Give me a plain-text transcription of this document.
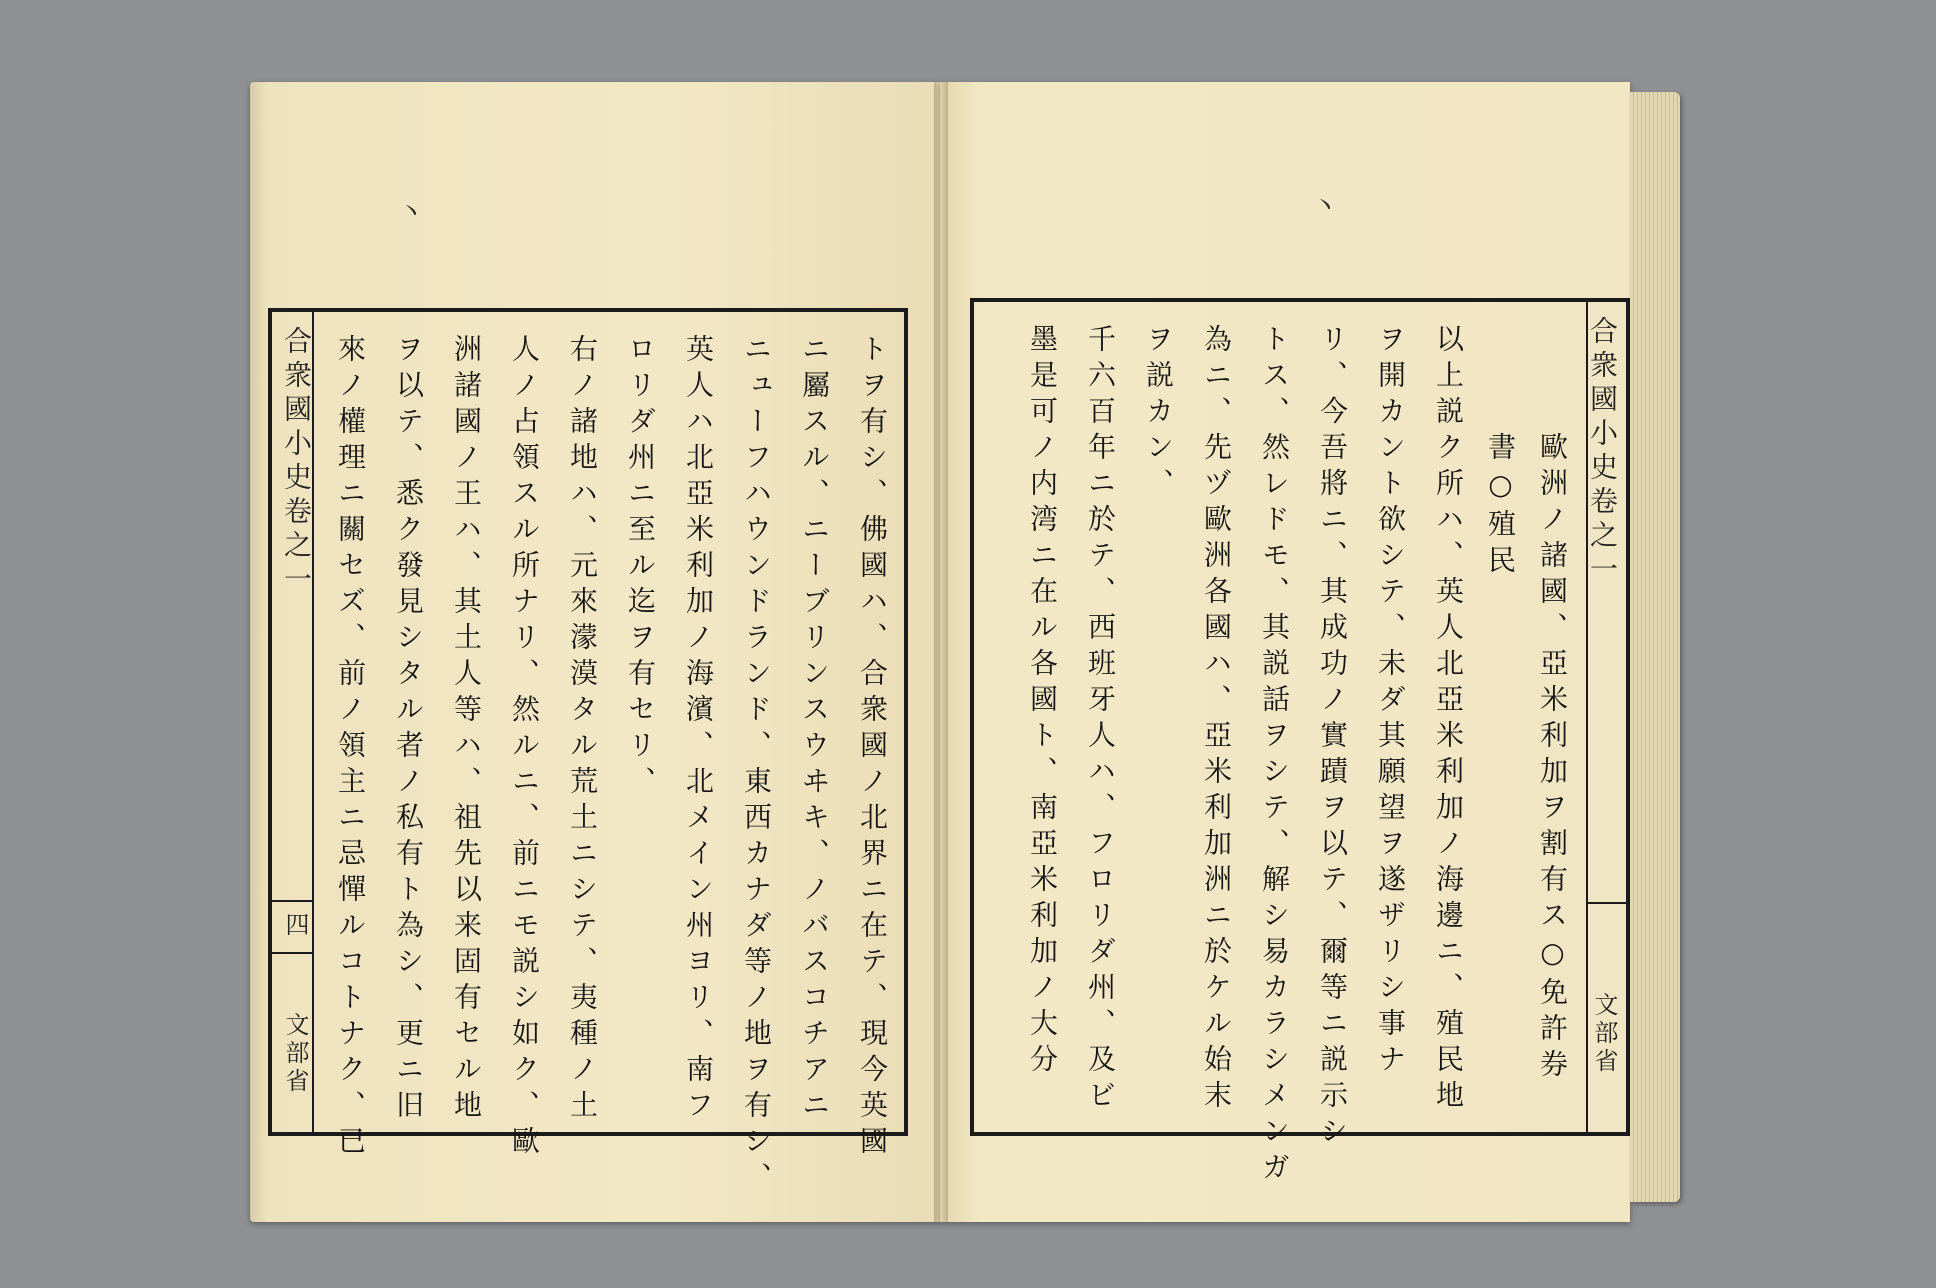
丶
合衆國小史卷之一
四
文部省	トヲ有シ、佛國ハ、合衆國ノ北界ニ在テ、現今英國
ニ屬スル、ニーブリンスウヰキ、ノバスコチアニ
ニューフハウンドランド、東西カナダ等ノ地ヲ有シ、
英人ハ北亞米利加ノ海濱、北メイン州ヨリ、南フ
ロリダ州ニ至ル迄ヲ有セリ、
右ノ諸地ハ、元來濛漠タル荒土ニシテ、夷種ノ土
人ノ占領スル所ナリ、然ルニ、前ニモ説シ如ク、歐
洲諸國ノ王ハ、其土人等ハ、祖先以来固有セル地
ヲ以テ、悉ク發見シタル者ノ私有ト為シ、更ニ旧
來ノ權理ニ關セズ、前ノ領主ニ忌憚ルコトナク、已
丶
合衆國小史卷之一
文部省
歐洲ノ諸國、亞米利加ヲ割有ス○免許券
書○殖民
以上説ク所ハ、英人北亞米利加ノ海邊ニ、殖民地
ヲ開カント欲シテ、未ダ其願望ヲ遂ザリシ事ナ
リ、今吾將ニ、其成功ノ實蹟ヲ以テ、爾等ニ説示シ
トス、然レドモ、其説話ヲシテ、解シ易カラシメンガ
為ニ、先ヅ歐洲各國ハ、亞米利加洲ニ於ケル始末
ヲ説カン、
千六百年ニ於テ、西班牙人ハ、フロリダ州、及ビ
墨是可ノ内湾ニ在ル各國ト、南亞米利加ノ大分
